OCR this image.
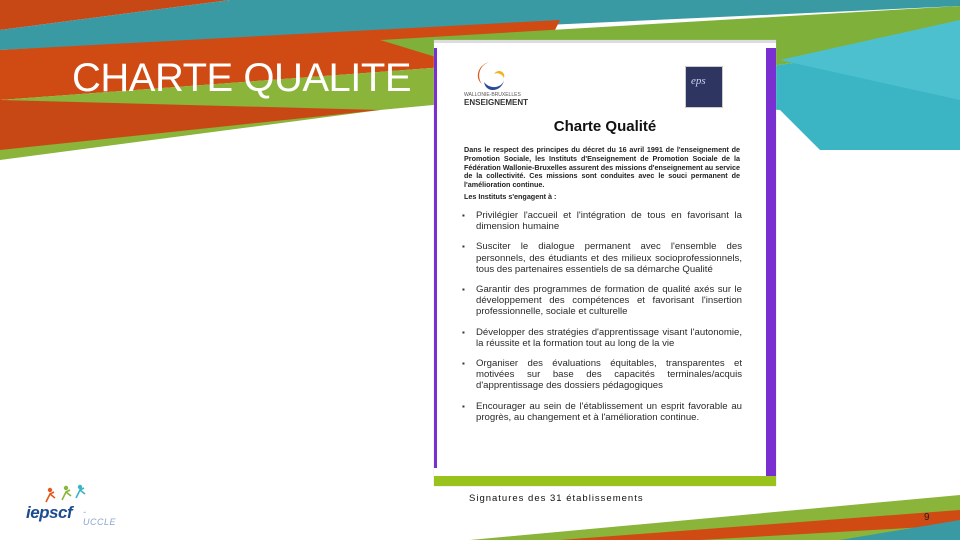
CHARTE QUALITE	WALLONIE-BRUXELLES
ENSEIGNEMENT
eps
Charte Qualité

Dans le respect des principes du décret du 16 avril 1991 de l'enseignement de Promotion Sociale, les Instituts d'Enseignement de Promotion Sociale de la Fédération Wallonie-Bruxelles assurent des missions d'enseignement au service de la collectivité. Ces missions sont conduites avec le souci permanent de l'amélioration continue.

Les Instituts s'engagent à :

▪ Privilégier l'accueil et l'intégration de tous en favorisant la dimension humaine
▪ Susciter le dialogue permanent avec l'ensemble des personnels, des étudiants et des milieux socioprofessionnels, tous des partenaires essentiels de sa démarche Qualité
▪ Garantir des programmes de formation de qualité axés sur le développement des compétences et favorisant l'insertion professionnelle, sociale et culturelle
▪ Développer des stratégies d'apprentissage visant l'autonomie, la réussite et la formation tout au long de la vie
▪ Organiser des évaluations équitables, transparentes et motivées sur base des capacités terminales/acquis d'apprentissage des dossiers pédagogiques
▪ Encourager au sein de l'établissement un esprit favorable au progrès, au changement et à l'amélioration continue.
Signatures des 31 établissements
iepscf -UCCLE	9
